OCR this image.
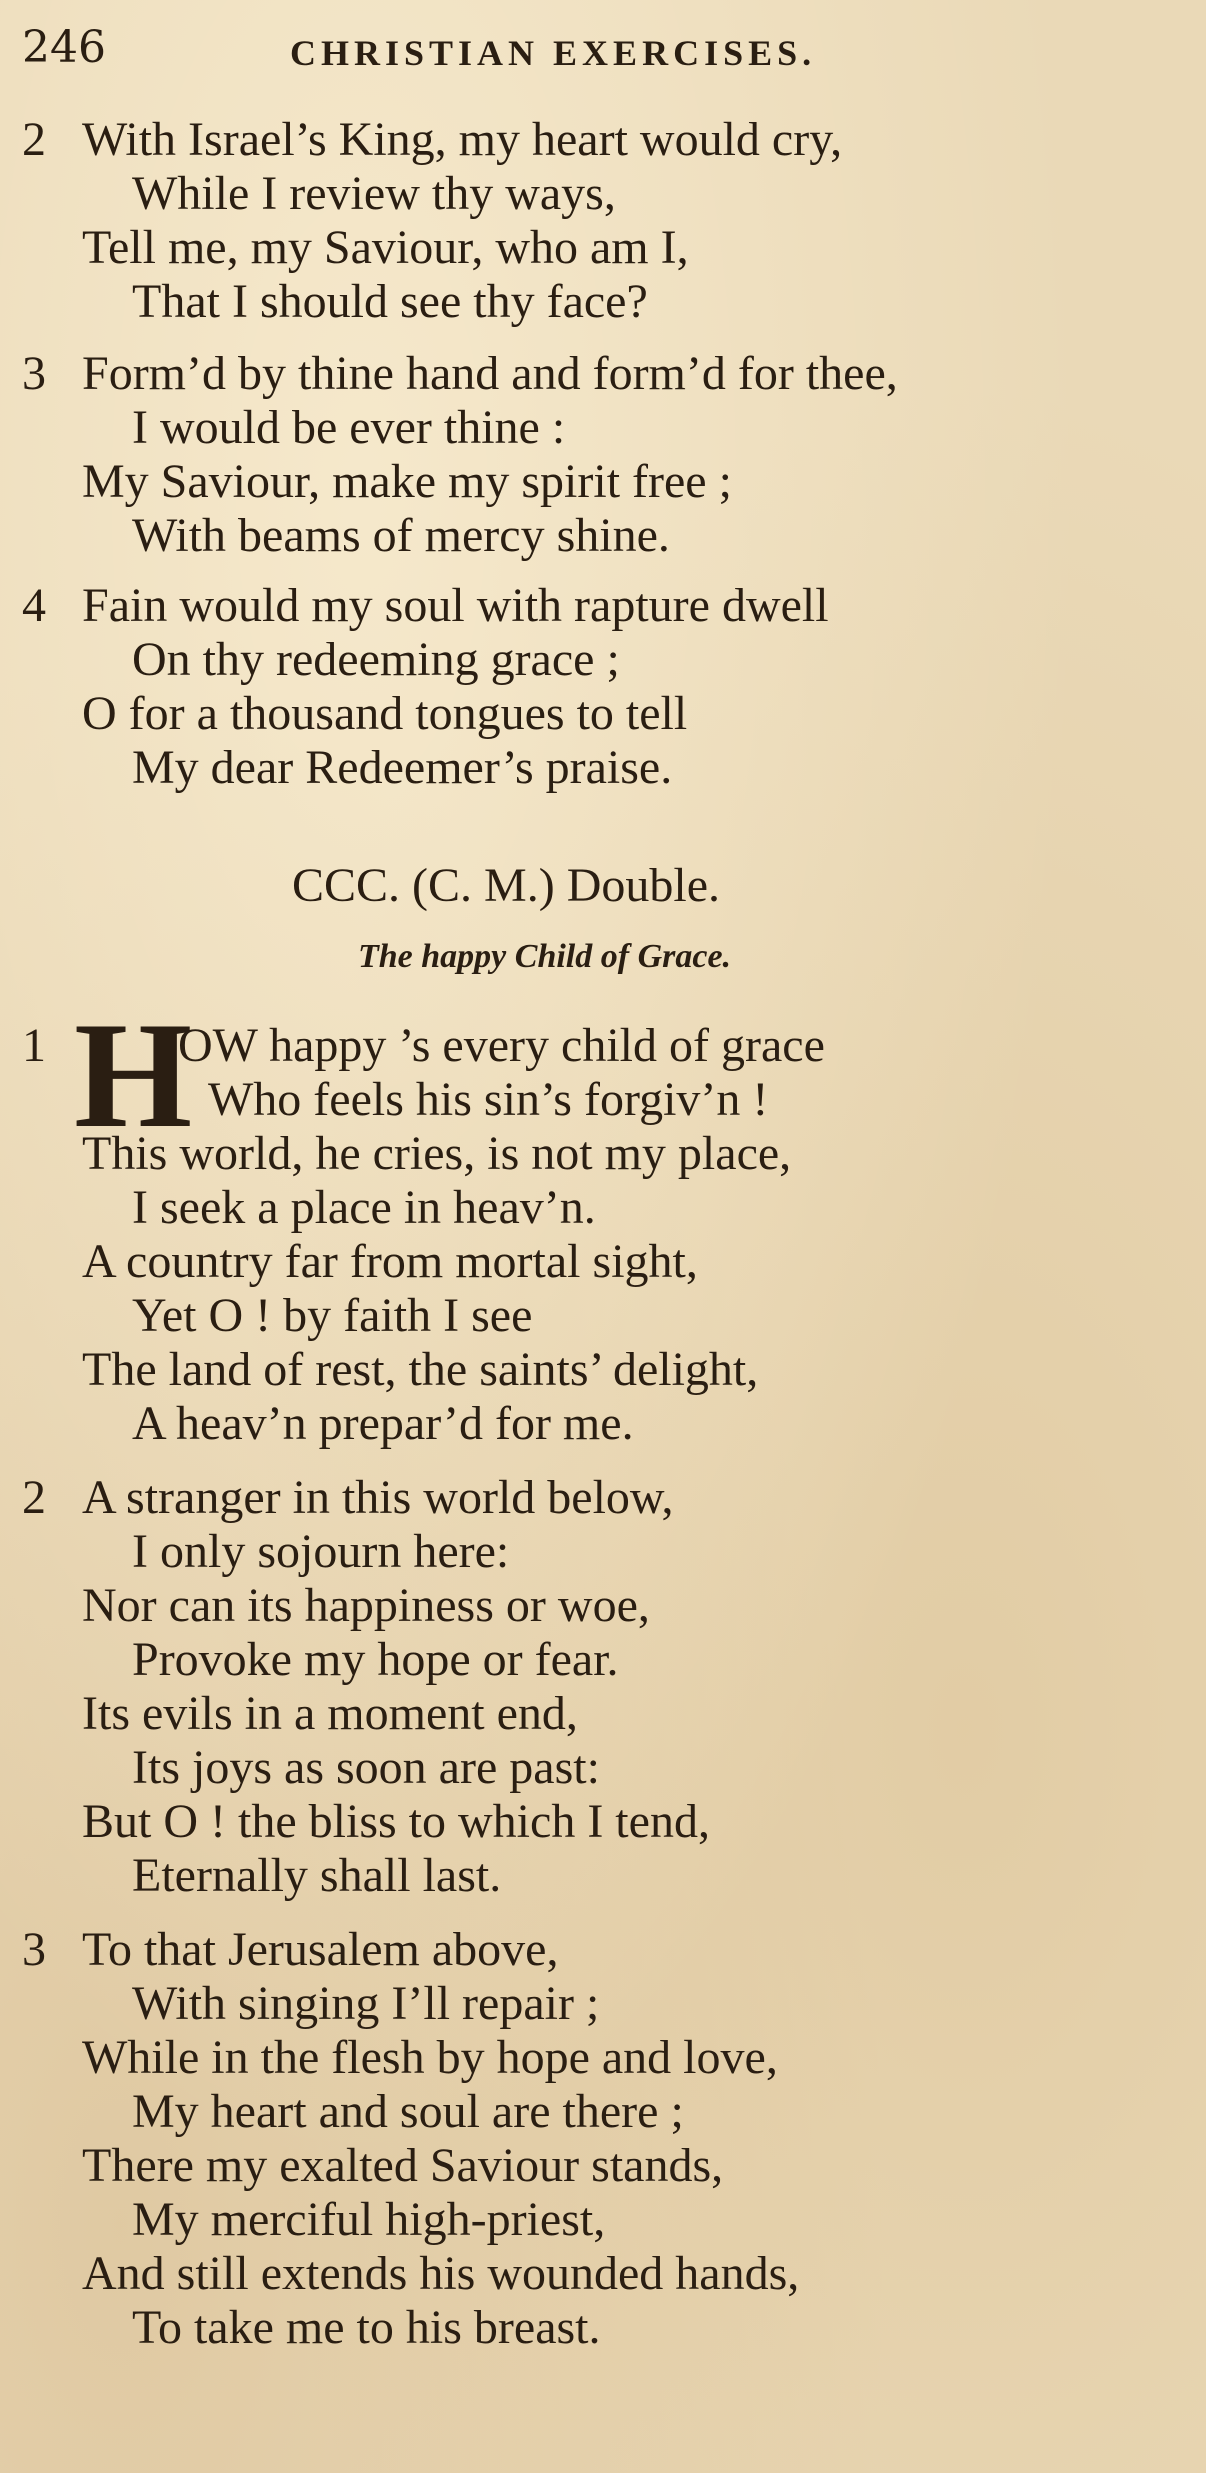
246	CHRISTIAN EXERCISES.
2 With Israel’s King, my heart would cry,
While I review thy ways,
Tell me, my Saviour, who am I,
That I should see thy face?
3 Form’d by thine hand and form’d for thee,
I would be ever thine :
My Saviour, make my spirit free ;
With beams of mercy shine.
4 Fain would my soul with rapture dwell
On thy redeeming grace ;
O for a thousand tongues to tell
My dear Redeemer’s praise.
CCC. (C. M.) Double.
The happy Child of Grace.
1 H
OW happy ’s every child of grace
Who feels his sin’s forgiv’n !
This world, he cries, is not my place,
I seek a place in heav’n.
A country far from mortal sight,
Yet O ! by faith I see
The land of rest, the saints’ delight,
A heav’n prepar’d for me.
2 A stranger in this world below,
I only sojourn here:
Nor can its happiness or woe,
Provoke my hope or fear.
Its evils in a moment end,
Its joys as soon are past:
But O ! the bliss to which I tend,
Eternally shall last.
3 To that Jerusalem above,
With singing I’ll repair ;
While in the flesh by hope and love,
My heart and soul are there ;
There my exalted Saviour stands,
My merciful high-priest,
And still extends his wounded hands,
To take me to his breast.
